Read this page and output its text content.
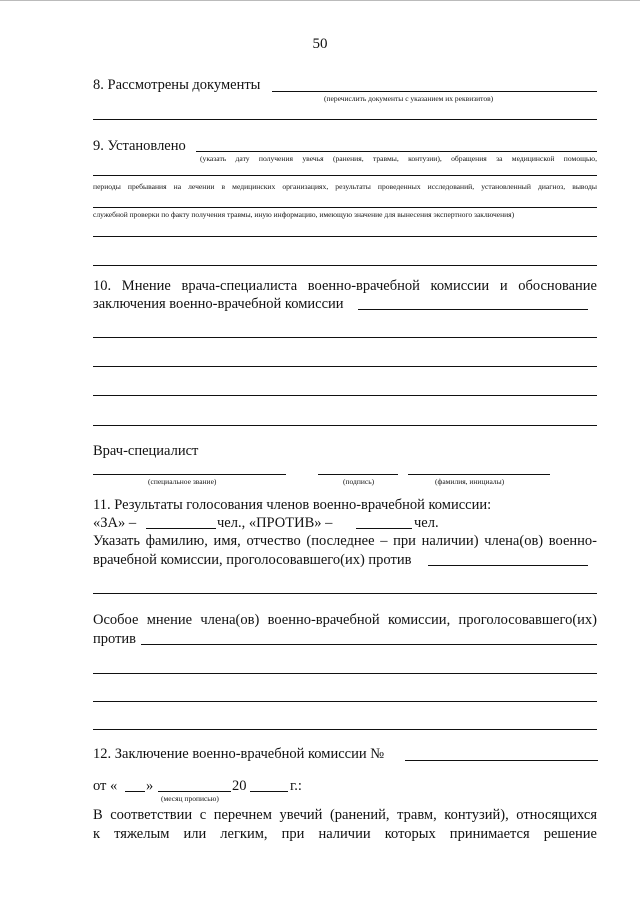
50
8. Рассмотрены документы
(перечислить документы с указанием их реквизитов)
9. Установлено
(указать дату получения увечья (ранения, травмы, контузии), обращения за медицинской помощью,
периоды пребывания на лечении в медицинских организациях, результаты проведенных исследований, установленный диагноз, выводы
служебной проверки по факту получения травмы, иную информацию, имеющую значение для вынесения экспертного заключения)
10. Мнение врача-специалиста военно-врачебной комиссии и обоснование
заключения военно-врачебной комиссии
Врач-специалист
(специальное звание)	(подпись)	(фамилия, инициалы)
11. Результаты голосования членов военно-врачебной комиссии:
«ЗА» –	чел., «ПРОТИВ» –	чел.
Указать фамилию, имя, отчество (последнее – при наличии) члена(ов) военно-
врачебной комиссии, проголосовавшего(их) против
Особое мнение члена(ов) военно-врачебной комиссии, проголосовавшего(их)
против
12. Заключение военно-врачебной комиссии №
от « »
(месяц прописью)
20	г.:
В соответствии с перечнем увечий (ранений, травм, контузий), относящихся
к тяжелым или легким, при наличии которых принимается решение
